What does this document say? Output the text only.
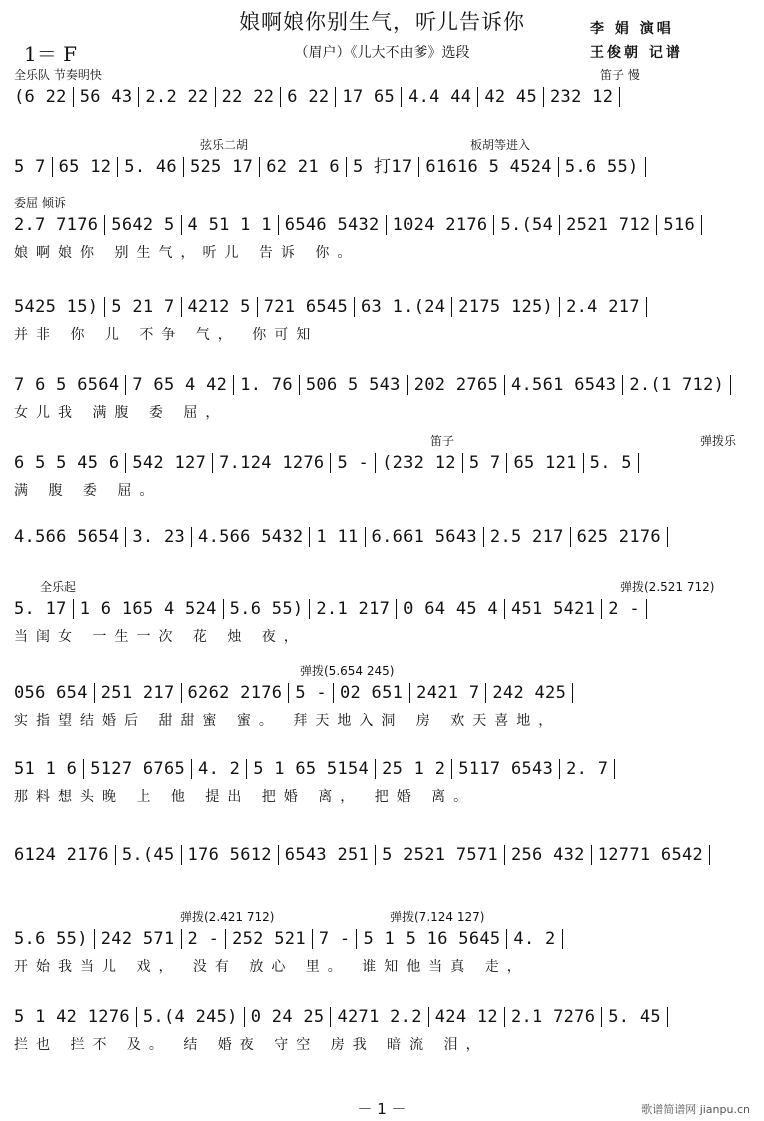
娘啊娘你别生气，听儿告诉你
1＝ F	（眉户）《儿大不由爹》选段
李 娟 演唱
王俊朝 记谱
全乐队 节奏明快	笛子 慢
(6 22 56 43 2.2 22 22 22 6 22 17 65 4.4 44 42 45 232 12
弦乐二胡	板胡等进入
5 7 65 12 5. 46 525 17 62 21 6 5 打17 61616 5 4524 5.6 55)
委屈 倾诉
2.7 7176 5642 5 4 51 1 1 6546 5432 1024 2176 5.(54 2521 712 516
娘啊娘你 别生气，听儿 告诉 你。
5425 15) 5 21 7 4212 5 721 6545 63 1.(24 2175 125) 2.4 217
并非 你 儿 不争 气， 你可知
7 6 5 6564 7 65 4 42 1. 76 506 5 543 202 2765 4.561 6543 2.(1 712)
女儿我 满腹 委 屈，
笛子	弹拨乐
6 5 5 45 6 542 127 7.124 1276 5 - (232 12 5 7 65 121 5. 5
满 腹 委 屈。
4.566 5654 3. 23 4.566 5432 1 11 6.661 5643 2.5 217 625 2176
全乐起	弹拨(2.521 712)
5. 17 1 6 165 4 524 5.6 55) 2.1 217 0 64 45 4 451 5421 2 -
当闺女 一生一次 花 烛 夜，
弹拨(5.654 245)
056 654 251 217 6262 2176 5 - 02 651 2421 7 242 425
实指望结婚后 甜甜蜜 蜜。 拜天地入洞 房 欢天喜地，
51 1 6 5127 6765 4. 2 5 1 65 5154 25 1 2 5117 6543 2. 7
那料想头晚 上 他 提出 把婚 离， 把婚 离。
6124 2176 5.(45 176 5612 6543 251 5 2521 7571 256 432 12771 6542
弹拨(2.421 712)	弹拨(7.124 127)
5.6 55) 242 571 2 - 252 521 7 - 5 1 5 16 5645 4. 2
开始我当儿 戏， 没有 放心 里。 谁知他当真 走，
5 1 42 1276 5.(4 245) 0 24 25 4271 2.2 424 12 2.1 7276 5. 45
拦也 拦不 及。 结 婚夜 守空 房我 暗流 泪，
－ 1 －	歌谱简谱网 jianpu.cn
